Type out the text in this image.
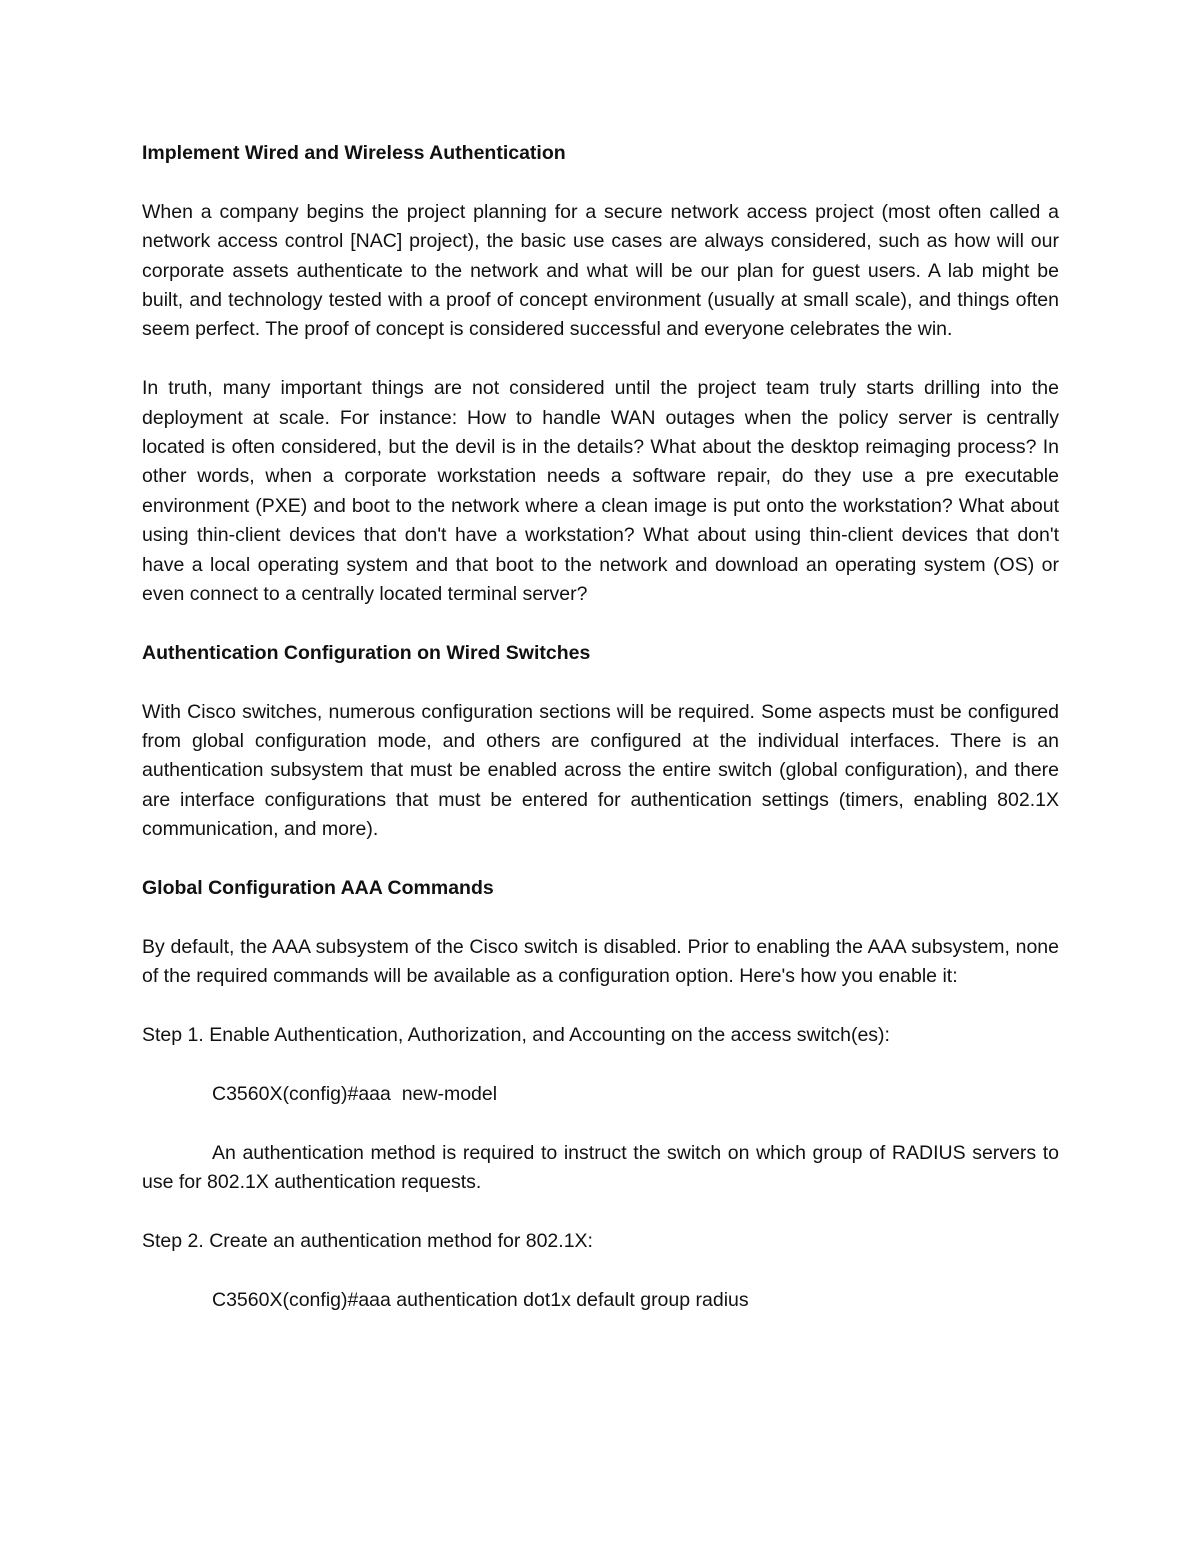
Implement Wired and Wireless Authentication

When a company begins the project planning for a secure network access project (most often called a network access control [NAC] project), the basic use cases are always considered, such as how will our corporate assets authenticate to the network and what will be our plan for guest users. A lab might be built, and technology tested with a proof of concept environment (usually at small scale), and things often seem perfect. The proof of concept is considered successful and everyone celebrates the win.

In truth, many important things are not considered until the project team truly starts drilling into the deployment at scale. For instance: How to handle WAN outages when the policy server is centrally located is often considered, but the devil is in the details? What about the desktop reimaging process? In other words, when a corporate workstation needs a software repair, do they use a pre executable environment (PXE) and boot to the network where a clean image is put onto the workstation? What about using thin-client devices that don't have a workstation? What about using thin-client devices that don't have a local operating system and that boot to the network and download an operating system (OS) or even connect to a centrally located terminal server?

Authentication Configuration on Wired Switches

With Cisco switches, numerous configuration sections will be required. Some aspects must be configured from global configuration mode, and others are configured at the individual interfaces. There is an authentication subsystem that must be enabled across the entire switch (global configuration), and there are interface configurations that must be entered for authentication settings (timers, enabling 802.1X communication, and more).

Global Configuration AAA Commands

By default, the AAA subsystem of the Cisco switch is disabled. Prior to enabling the AAA subsystem, none of the required commands will be available as a configuration option. Here's how you enable it:

Step 1. Enable Authentication, Authorization, and Accounting on the access switch(es):

C3560X(config)#aaa  new-model

An authentication method is required to instruct the switch on which group of RADIUS servers to use for 802.1X authentication requests.

Step 2. Create an authentication method for 802.1X:

C3560X(config)#aaa authentication dot1x default group radius
